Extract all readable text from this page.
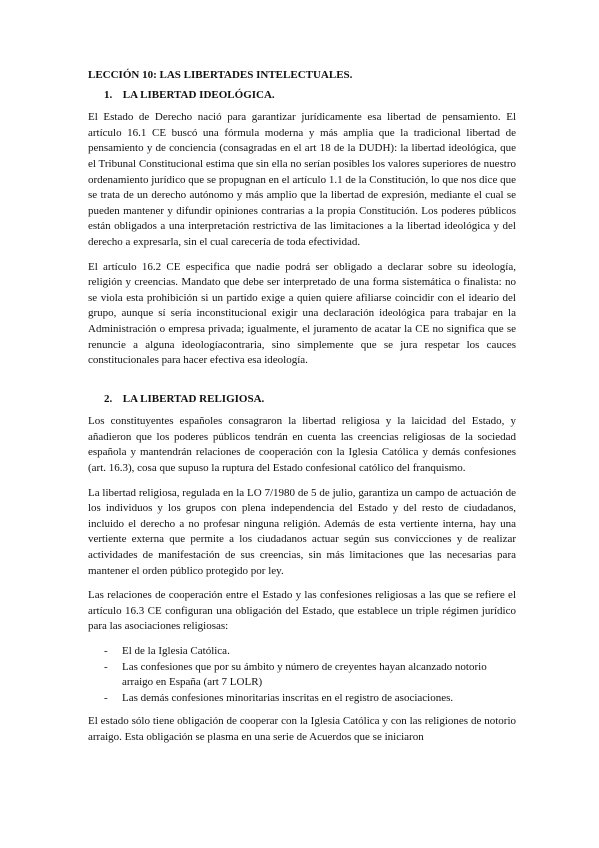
LECCIÓN 10: LAS LIBERTADES INTELECTUALES.
1. LA LIBERTAD IDEOLÓGICA.

El Estado de Derecho nació para garantizar jurídicamente esa libertad de pensamiento. El artículo 16.1 CE buscó una fórmula moderna y más amplia que la tradicional libertad de pensamiento y de conciencia (consagradas en el art 18 de la DUDH): la libertad ideológica, que el Tribunal Constitucional estima que sin ella no serían posibles los valores superiores de nuestro ordenamiento jurídico que se propugnan en el artículo 1.1 de la Constitución, lo que nos dice que se trata de un derecho autónomo y más amplio que la libertad de expresión, mediante el cual se pueden mantener y difundir opiniones contrarias a la propia Constitución. Los poderes públicos están obligados a una interpretación restrictiva de las limitaciones a la libertad ideológica y del derecho a expresarla, sin el cual carecería de toda efectividad.

El artículo 16.2 CE especifica que nadie podrá ser obligado a declarar sobre su ideología, religión y creencias. Mandato que debe ser interpretado de una forma sistemática o finalista: no se viola esta prohibición si un partido exige a quien quiere afiliarse coincidir con el ideario del grupo, aunque sí sería inconstitucional exigir una declaración ideológica para trabajar en la Administración o empresa privada; igualmente, el juramento de acatar la CE no significa que se renuncie a alguna ideologíacontraria, sino simplemente que se jura respetar los cauces constitucionales para hacer efectiva esa ideología.

2. LA LIBERTAD RELIGIOSA.

Los constituyentes españoles consagraron la libertad religiosa y la laicidad del Estado, y añadieron que los poderes públicos tendrán en cuenta las creencias religiosas de la sociedad española y mantendrán relaciones de cooperación con la Iglesia Católica y demás confesiones (art. 16.3), cosa que supuso la ruptura del Estado confesional católico del franquismo.

La libertad religiosa, regulada en la LO 7/1980 de 5 de julio, garantiza un campo de actuación de los individuos y los grupos con plena independencia del Estado y del resto de ciudadanos, incluido el derecho a no profesar ninguna religión. Además de esta vertiente interna, hay una vertiente externa que permite a los ciudadanos actuar según sus convicciones y de realizar actividades de manifestación de sus creencias, sin más limitaciones que las necesarias para mantener el orden público protegido por ley.

Las relaciones de cooperación entre el Estado y las confesiones religiosas a las que se refiere el artículo 16.3 CE configuran una obligación del Estado, que establece un triple régimen jurídico para las asociaciones religiosas:

- El de la Iglesia Católica.
- Las confesiones que por su ámbito y número de creyentes hayan alcanzado notorio arraigo en España (art 7 LOLR)
- Las demás confesiones minoritarias inscritas en el registro de asociaciones.

El estado sólo tiene obligación de cooperar con la Iglesia Católica y con las religiones de notorio arraigo. Esta obligación se plasma en una serie de Acuerdos que se iniciaron
